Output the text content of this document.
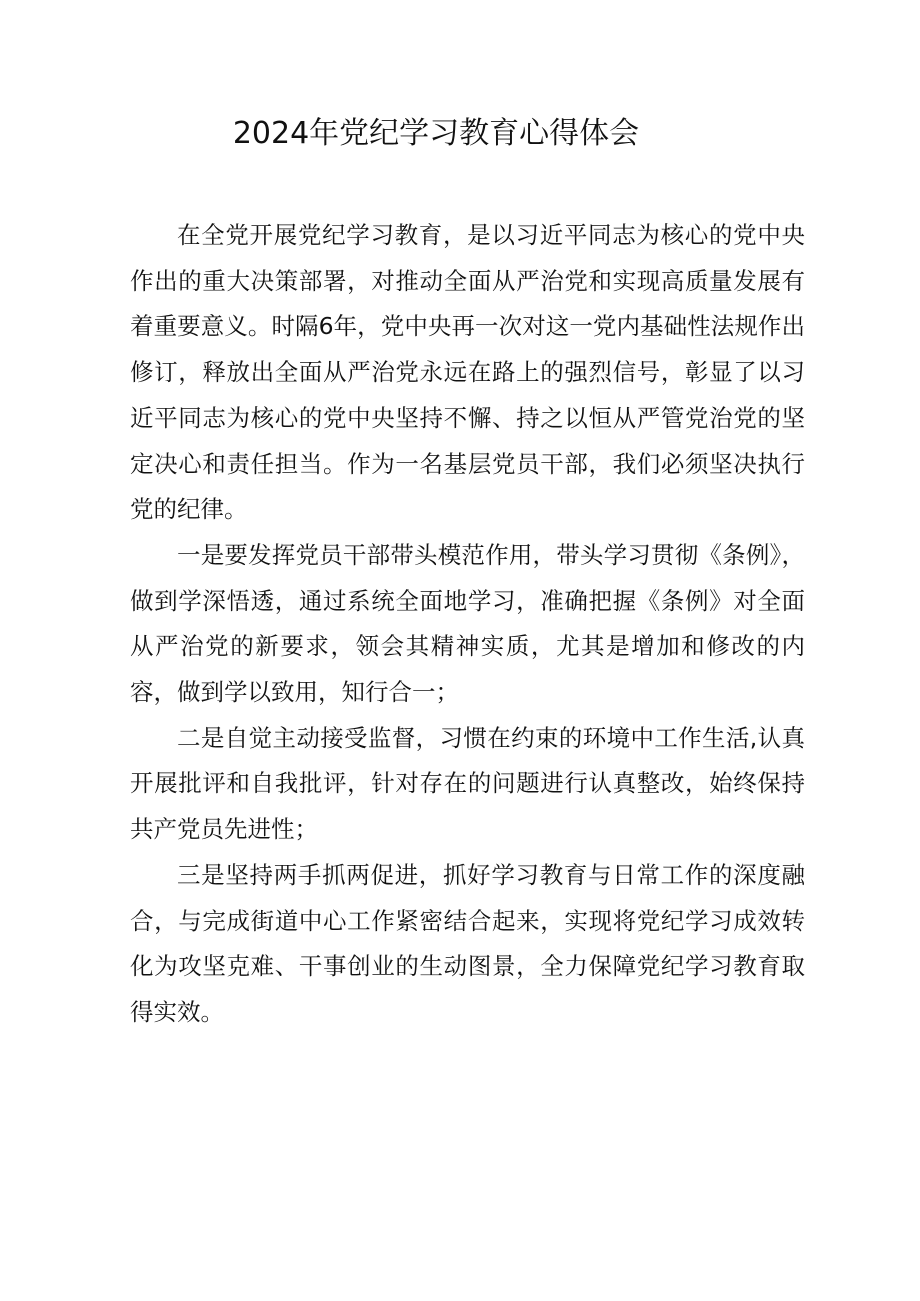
2024年党纪学习教育心得体会

在全党开展党纪学习教育，是以习近平同志为核心的党中央作出的重大决策部署，对推动全面从严治党和实现高质量发展有着重要意义。时隔6年，党中央再一次对这一党内基础性法规作出修订，释放出全面从严治党永远在路上的强烈信号，彰显了以习近平同志为核心的党中央坚持不懈、持之以恒从严管党治党的坚定决心和责任担当。作为一名基层党员干部，我们必须坚决执行党的纪律。

一是要发挥党员干部带头模范作用，带头学习贯彻《条例》，做到学深悟透，通过系统全面地学习，准确把握《条例》对全面从严治党的新要求，领会其精神实质，尤其是增加和修改的内容，做到学以致用，知行合一；

二是自觉主动接受监督，习惯在约束的环境中工作生活,认真开展批评和自我批评，针对存在的问题进行认真整改，始终保持共产党员先进性；

三是坚持两手抓两促进，抓好学习教育与日常工作的深度融合，与完成街道中心工作紧密结合起来，实现将党纪学习成效转化为攻坚克难、干事创业的生动图景，全力保障党纪学习教育取得实效。
